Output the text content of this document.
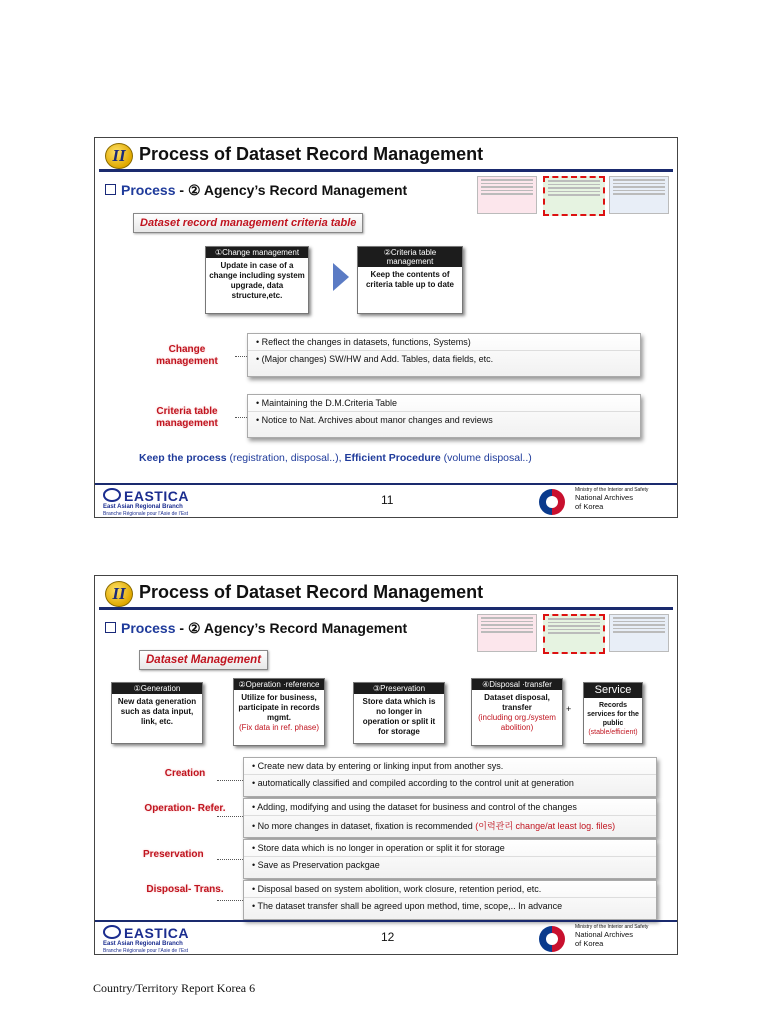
II Process of Dataset Record Management
Process - ② Agency’s Record Management
Dataset record management criteria table
①Change management
Update in case of a change including system upgrade, data structure,etc.
②Criteria table management
Keep the contents of criteria table up to date
Change management
• Reflect the changes in datasets, functions, Systems)
• (Major changes) SW/HW and Add. Tables, data fields, etc.
Criteria table management
• Maintaining the D.M.Criteria Table
• Notice to Nat. Archives about manor changes and reviews
Keep the process (registration, disposal..), Efficient Procedure (volume disposal..)
EASTICA
East Asian Regional Branch
Branche Régionale pour l’Asie de l’Est
11
Ministry of the Interior and Safety
National Archives
of Korea
II Process of Dataset Record Management
Process - ② Agency’s Record Management
Dataset Management
①Generation
New data generation such as data input, link, etc.
②Operation ·reference
Utilize for business, participate in records mgmt.
(Fix data in ref. phase)
③Preservation
Store data which is no longer in operation or split it for storage
④Disposal ·transfer
Dataset disposal, transfer
(including org./system abolition)
+
Service
Records services for the public
(stable/efficient)
Creation
• Create new data by entering or linking input from another sys.
• automatically classified and compiled according to the control unit at generation
Operation- Refer.	• Adding, modifying and using the dataset for business and control of the changes
• No more changes in dataset, fixation is recommended (이력관리 change/at least log. files)
Preservation
• Store data which is no longer in operation or split it for storage
• Save as Preservation packgae
Disposal- Trans.	• Disposal based on system abolition, work closure, retention period, etc.
• The dataset transfer shall be agreed upon method, time, scope,.. In advance
EASTICA
East Asian Regional Branch
Branche Régionale pour l’Asie de l’Est
12
Ministry of the Interior and Safety
National Archives
of Korea
Country/Territory Report Korea 6
